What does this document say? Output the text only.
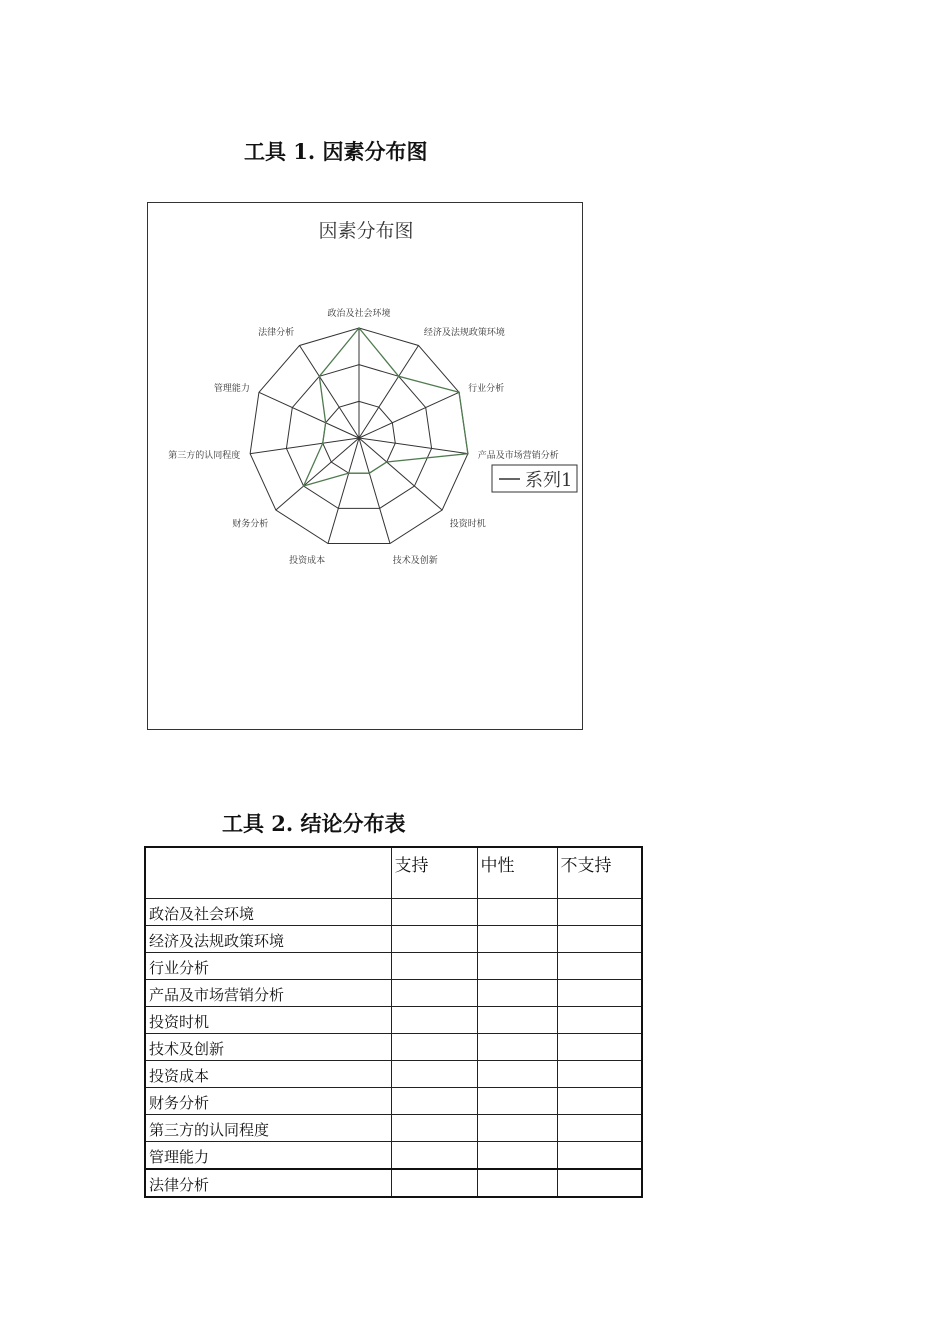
工具 1. 因素分布图
因素分布图
政治及社会环境
经济及法规政策环境
行业分析
产品及市场营销分析
投资时机
技术及创新
投资成本
财务分析
第三方的认同程度
管理能力
法律分析
系列1
工具 2. 结论分布表
	支持	中性	不支持
政治及社会环境			
经济及法规政策环境			
行业分析			
产品及市场营销分析			
投资时机			
技术及创新			
投资成本			
财务分析			
第三方的认同程度			
管理能力			
法律分析			
